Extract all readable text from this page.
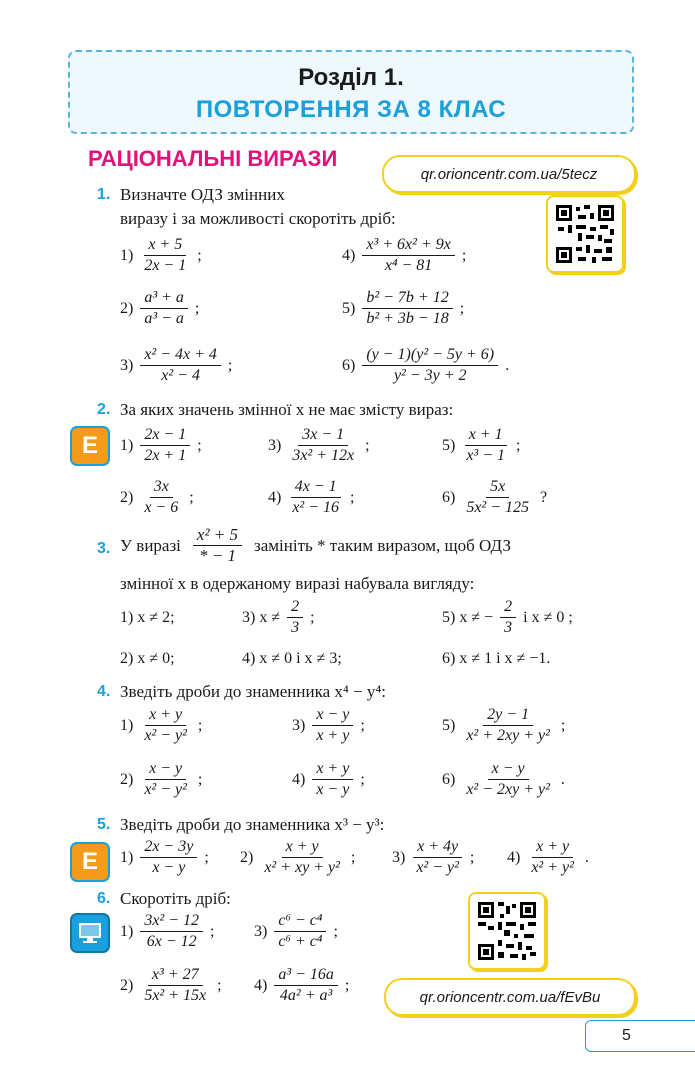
Розділ 1.
ПОВТОРЕННЯ ЗА 8 КЛАС
РАЦІОНАЛЬНІ ВИРАЗИ
qr.orioncentr.com.ua/5tecz
1. Визначте ОДЗ змінних
виразу і за можливості скоротіть дріб:
$1) \frac{x + 5}{2x - 1}$ ;
$2) \frac{\text{a³ + a}}{\text{a³ − a}}$ ;
$3) \frac{\text{x² − 4x + 4}}{\text{x² − 4}}$ ;
$4) \frac{\text{x³ + 6x² + 9x}}{\text{x⁴ − 81}}$ ;
$5) \frac{\text{b² − 7b + 12}}{\text{b² + 3b − 18}}$ ;
$6) \frac{\text{(y − 1)(y² − 5y + 6)}}{\text{y² − 3y + 2}}$ .
2. За яких значень змінної x не має змісту вираз:
E	$1) \frac{2x - 1}{2x + 1}$ ;	$3) \frac{3x - 1}{\text{3x² + 12x}}$ ;	$5) \frac{x + 1}{\text{x³ − 1}}$ ;
$2) \frac{3x}{x - 6}$ ;	$4) \frac{4x - 1}{\text{x² − 16}}$ ;	$6) \frac{5x}{\text{5x² − 125}}$ ?
3. У виразі $\frac{\text{x² + 5}}{* - 1}$ замініть * таким виразом, щоб ОДЗ
змінної x в одержаному виразі набувала вигляду:
1) x ≠ 2;	3) $x \ne \frac{2}{3}$ ;	5) x ≠ − $\frac{2}{3}$ і x ≠ 0 ;
2) x ≠ 0;	4) x ≠ 0 і x ≠ 3;	6) x ≠ 1 і x ≠ −1.
4. Зведіть дроби до знаменника x⁴ − y⁴:
$1) \frac{x + y}{\text{x² − y²}}$ ;	$3) \frac{x - y}{x + y}$ ;	$5) \frac{2y - 1}{\text{x² + 2xy + y²}}$ ;
$2) \frac{x - y}{\text{x² − y²}}$ ;	$4) \frac{x + y}{x - y}$ ;	$6) \frac{x - y}{\text{x² − 2xy + y²}}$ .
5. Зведіть дроби до знаменника x³ − y³:
E	$1) \frac{2x - 3y}{x - y}$ ; $2) \frac{x + y}{\text{x² + xy + y²}}$ ; $3) \frac{x + 4y}{\text{x² − y²}}$ ; $4) \frac{x + y}{\text{x² + y²}}$ .
6. Скоротіть дріб:
$1) \frac{\text{3x² − 12}}{6x - 12}$ ; $3) \frac{\text{c⁶ − c⁴}}{\text{c⁶ + c⁴}}$ ;
$2) \frac{\text{x³ + 27}}{\text{5x² + 15x}}$ ; $4) \frac{\text{a³ − 16a}}{\text{4a² + a³}}$ ;
qr.orioncentr.com.ua/fEvBu
5
